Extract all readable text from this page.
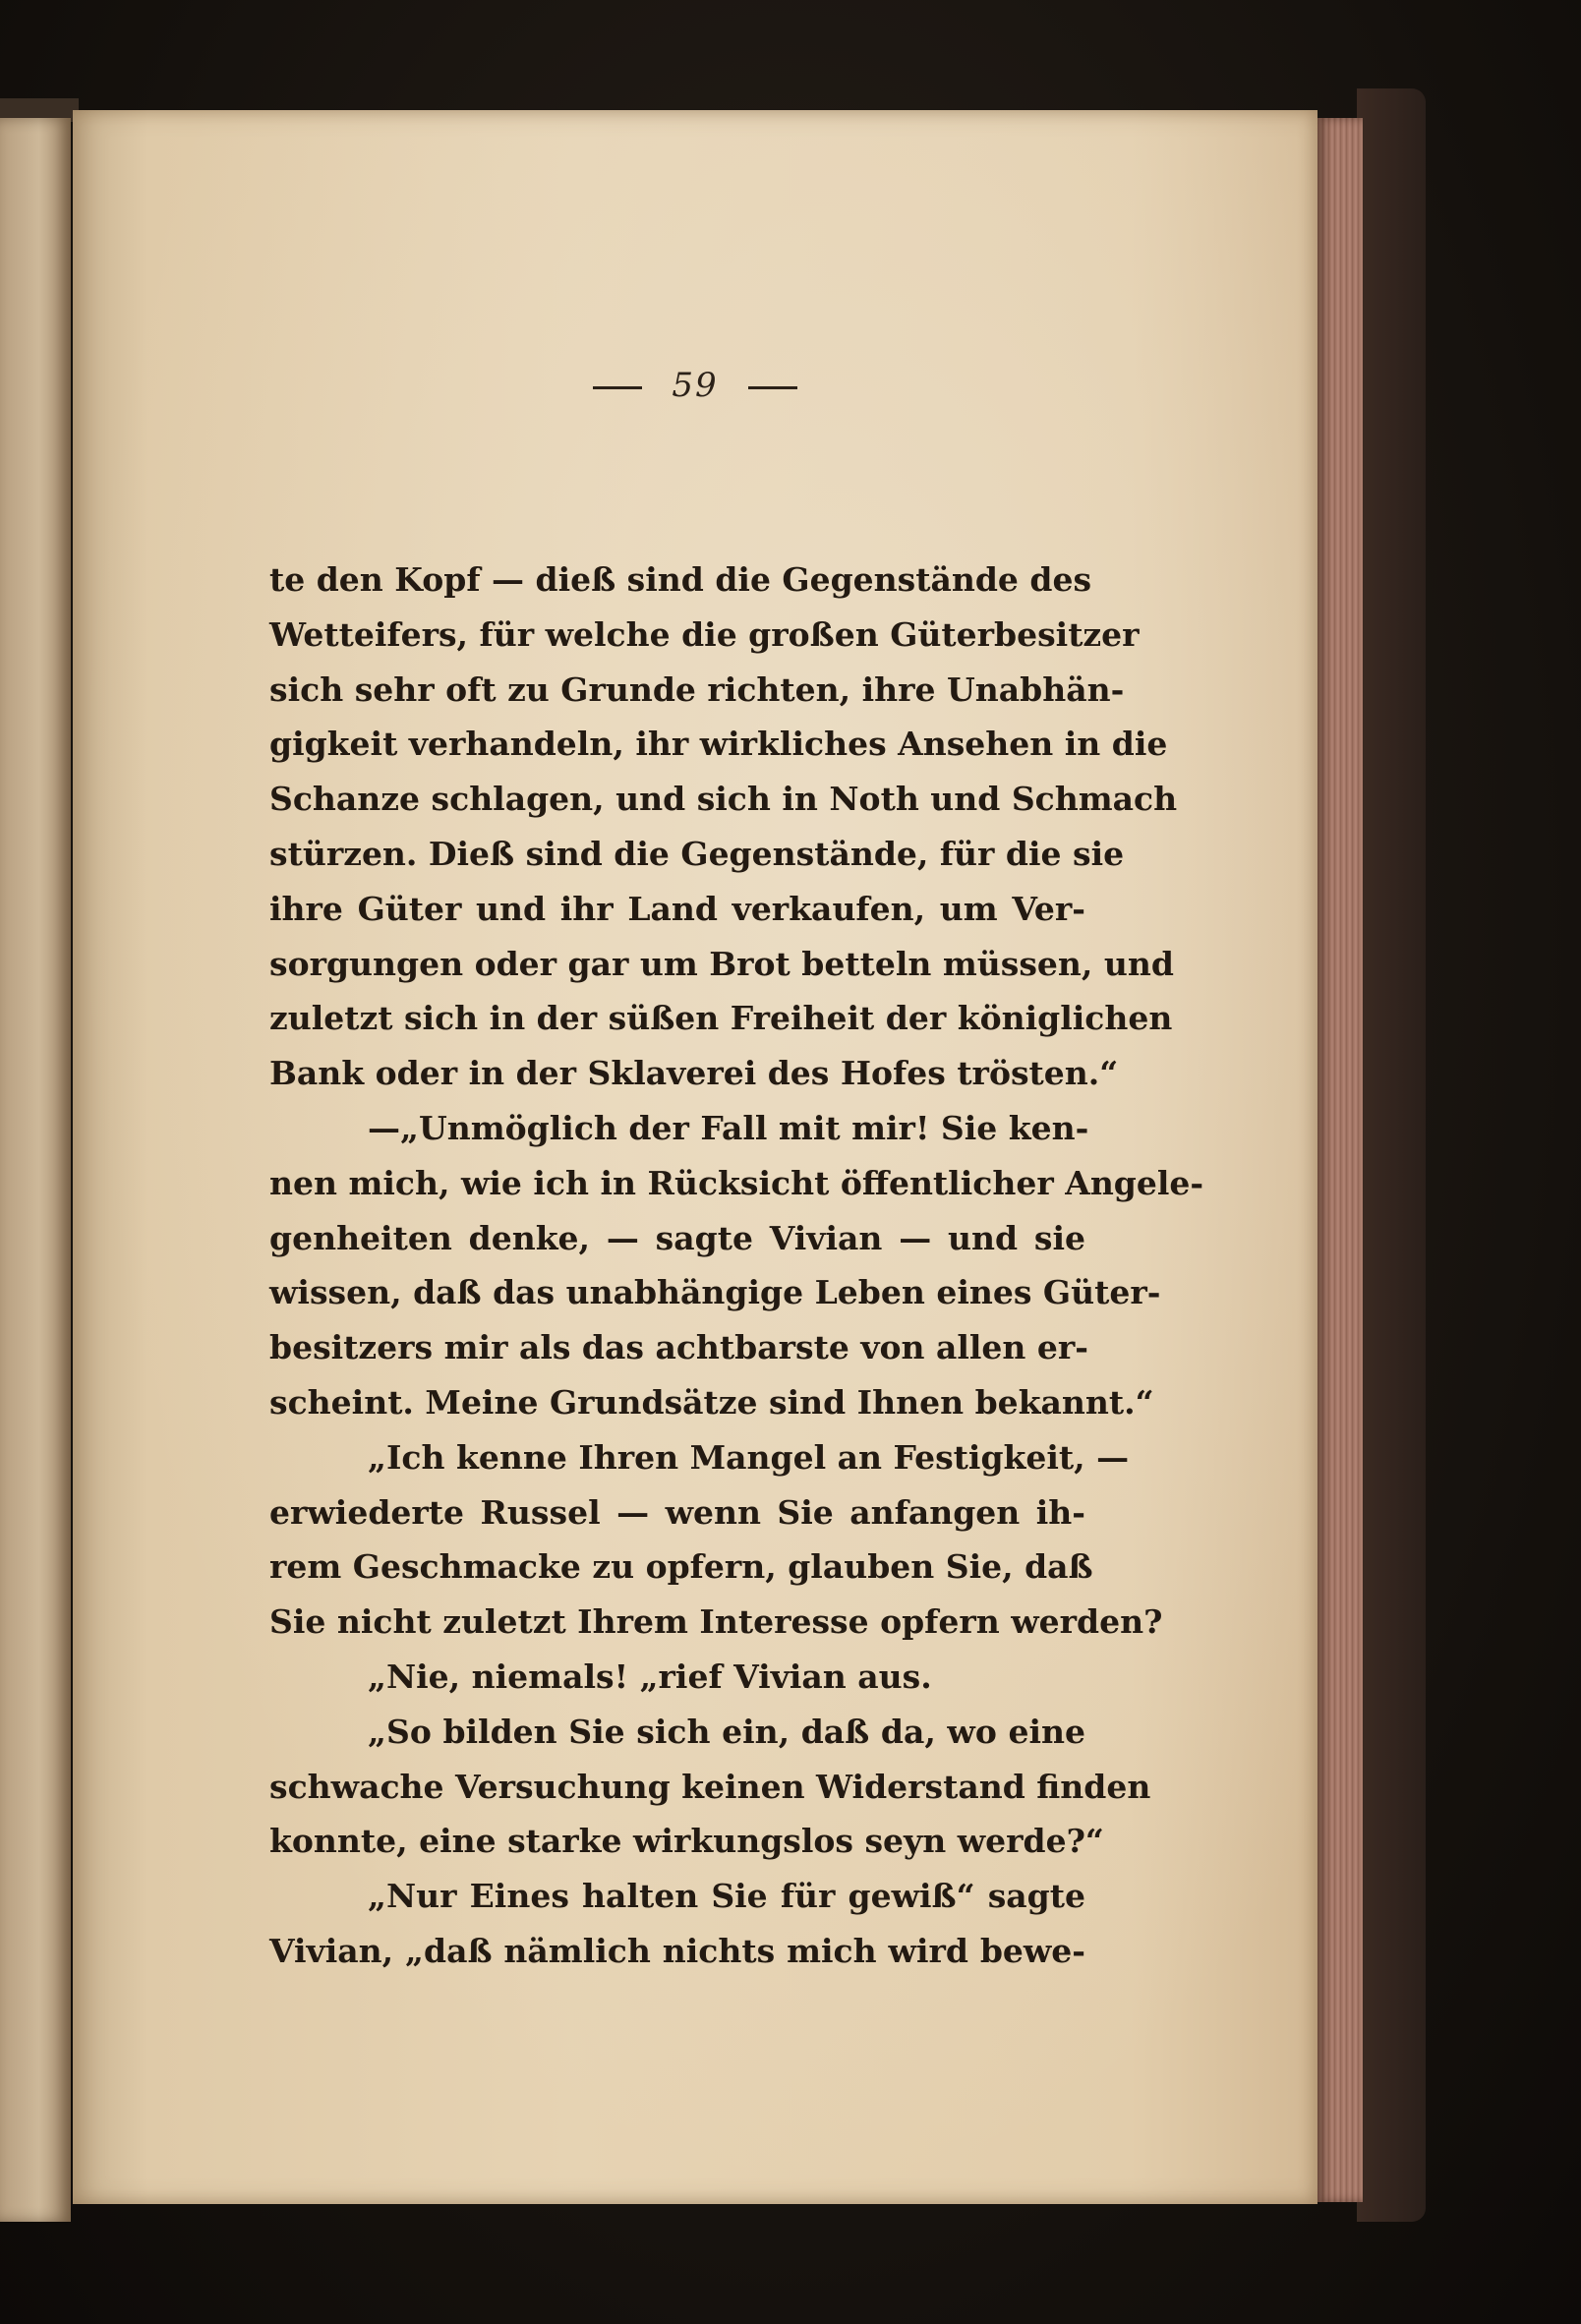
59
te den Kopf — dieß sind die Gegenstände des
Wetteifers, für welche die großen Güterbesitzer
sich sehr oft zu Grunde richten, ihre Unabhän-
gigkeit verhandeln, ihr wirkliches Ansehen in die
Schanze schlagen, und sich in Noth und Schmach
stürzen. Dieß sind die Gegenstände, für die sie
ihre Güter und ihr Land verkaufen, um Ver-
sorgungen oder gar um Brot betteln müssen, und
zuletzt sich in der süßen Freiheit der königlichen
Bank oder in der Sklaverei des Hofes trösten.“
—„Unmöglich der Fall mit mir! Sie ken-
nen mich, wie ich in Rücksicht öffentlicher Angele-
genheiten denke, — sagte Vivian — und sie
wissen, daß das unabhängige Leben eines Güter-
besitzers mir als das achtbarste von allen er-
scheint. Meine Grundsätze sind Ihnen bekannt.“
„Ich kenne Ihren Mangel an Festigkeit, —
erwiederte Russel — wenn Sie anfangen ih-
rem Geschmacke zu opfern, glauben Sie, daß
Sie nicht zuletzt Ihrem Interesse opfern werden?
„Nie, niemals! „rief Vivian aus.
„So bilden Sie sich ein, daß da, wo eine
schwache Versuchung keinen Widerstand finden
konnte, eine starke wirkungslos seyn werde?“
„Nur Eines halten Sie für gewiß“ sagte
Vivian, „daß nämlich nichts mich wird bewe-
